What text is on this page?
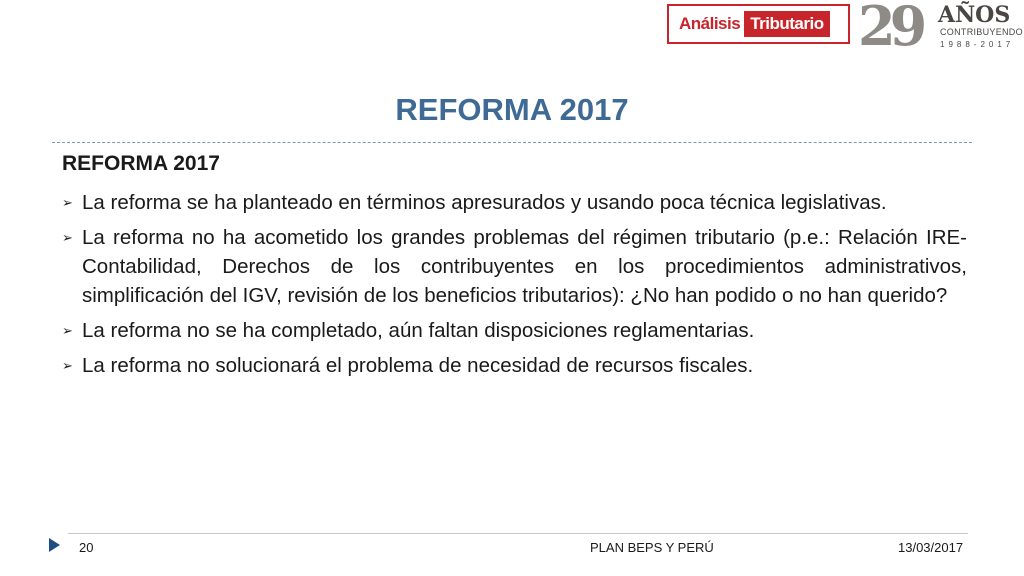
Análisis Tributario 29 AÑOS
CONTRIBUYENDO
1988-2017
REFORMA 2017
REFORMA 2017
➢ La reforma se ha planteado en términos apresurados y usando poca técnica legislativas.
➢ La reforma no ha acometido los grandes problemas del régimen tributario (p.e.: Relación IRE-Contabilidad, Derechos de los contribuyentes en los procedimientos administrativos, simplificación del IGV, revisión de los beneficios tributarios): ¿No han podido o no han querido?
➢ La reforma no se ha completado, aún faltan disposiciones reglamentarias.
➢ La reforma no solucionará el problema de necesidad de recursos fiscales.
20	PLAN BEPS Y PERÚ	13/03/2017
